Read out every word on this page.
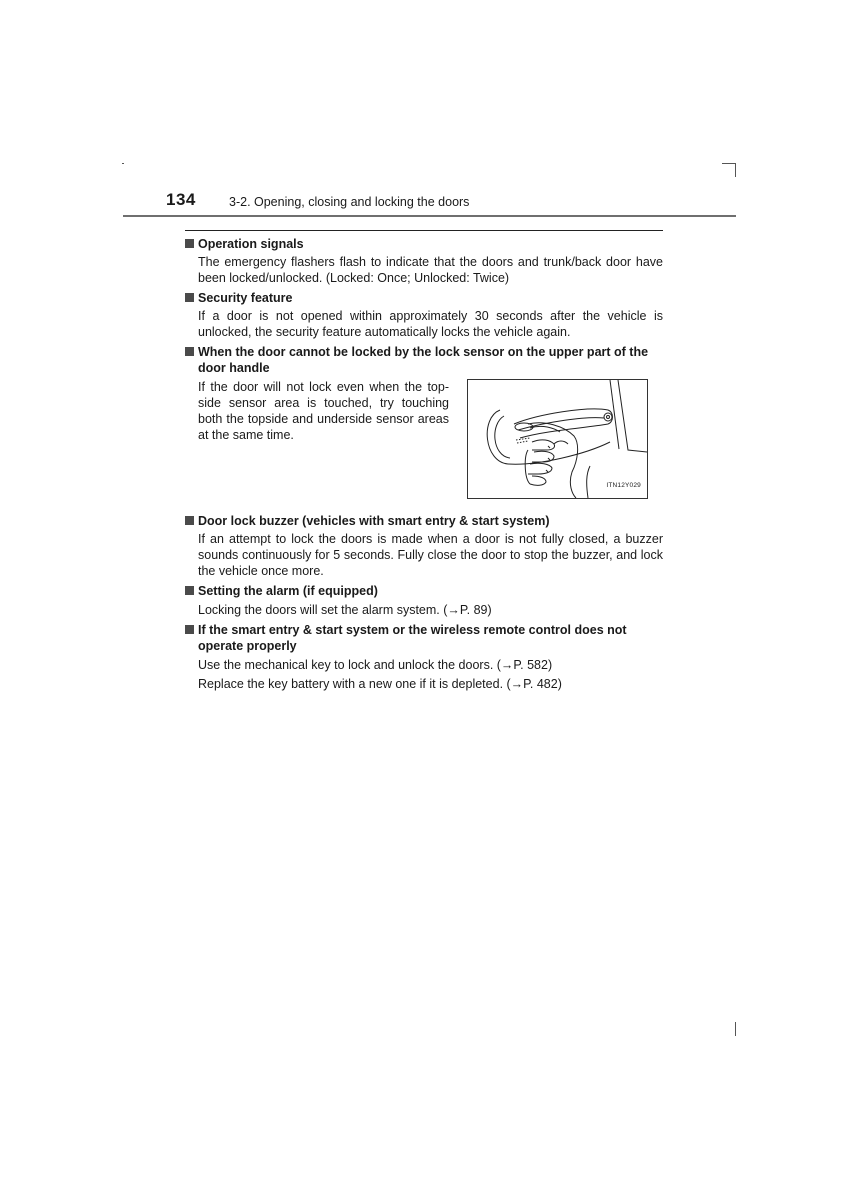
134	3-2. Opening, closing and locking the doors
Operation signals
The emergency flashers flash to indicate that the doors and trunk/back door have been locked/unlocked. (Locked: Once; Unlocked: Twice)
Security feature
If a door is not opened within approximately 30 seconds after the vehicle is unlocked, the security feature automatically locks the vehicle again.
When the door cannot be locked by the lock sensor on the upper part of the door handle
If the door will not lock even when the top-side sensor area is touched, try touching both the topside and underside sensor areas at the same time.
ITN12Y029
Door lock buzzer (vehicles with smart entry & start system)
If an attempt to lock the doors is made when a door is not fully closed, a buzzer sounds continuously for 5 seconds. Fully close the door to stop the buzzer, and lock the vehicle once more.
Setting the alarm (if equipped)
Locking the doors will set the alarm system. (→P. 89)
If the smart entry & start system or the wireless remote control does not operate properly
Use the mechanical key to lock and unlock the doors. (→P. 582)
Replace the key battery with a new one if it is depleted. (→P. 482)
